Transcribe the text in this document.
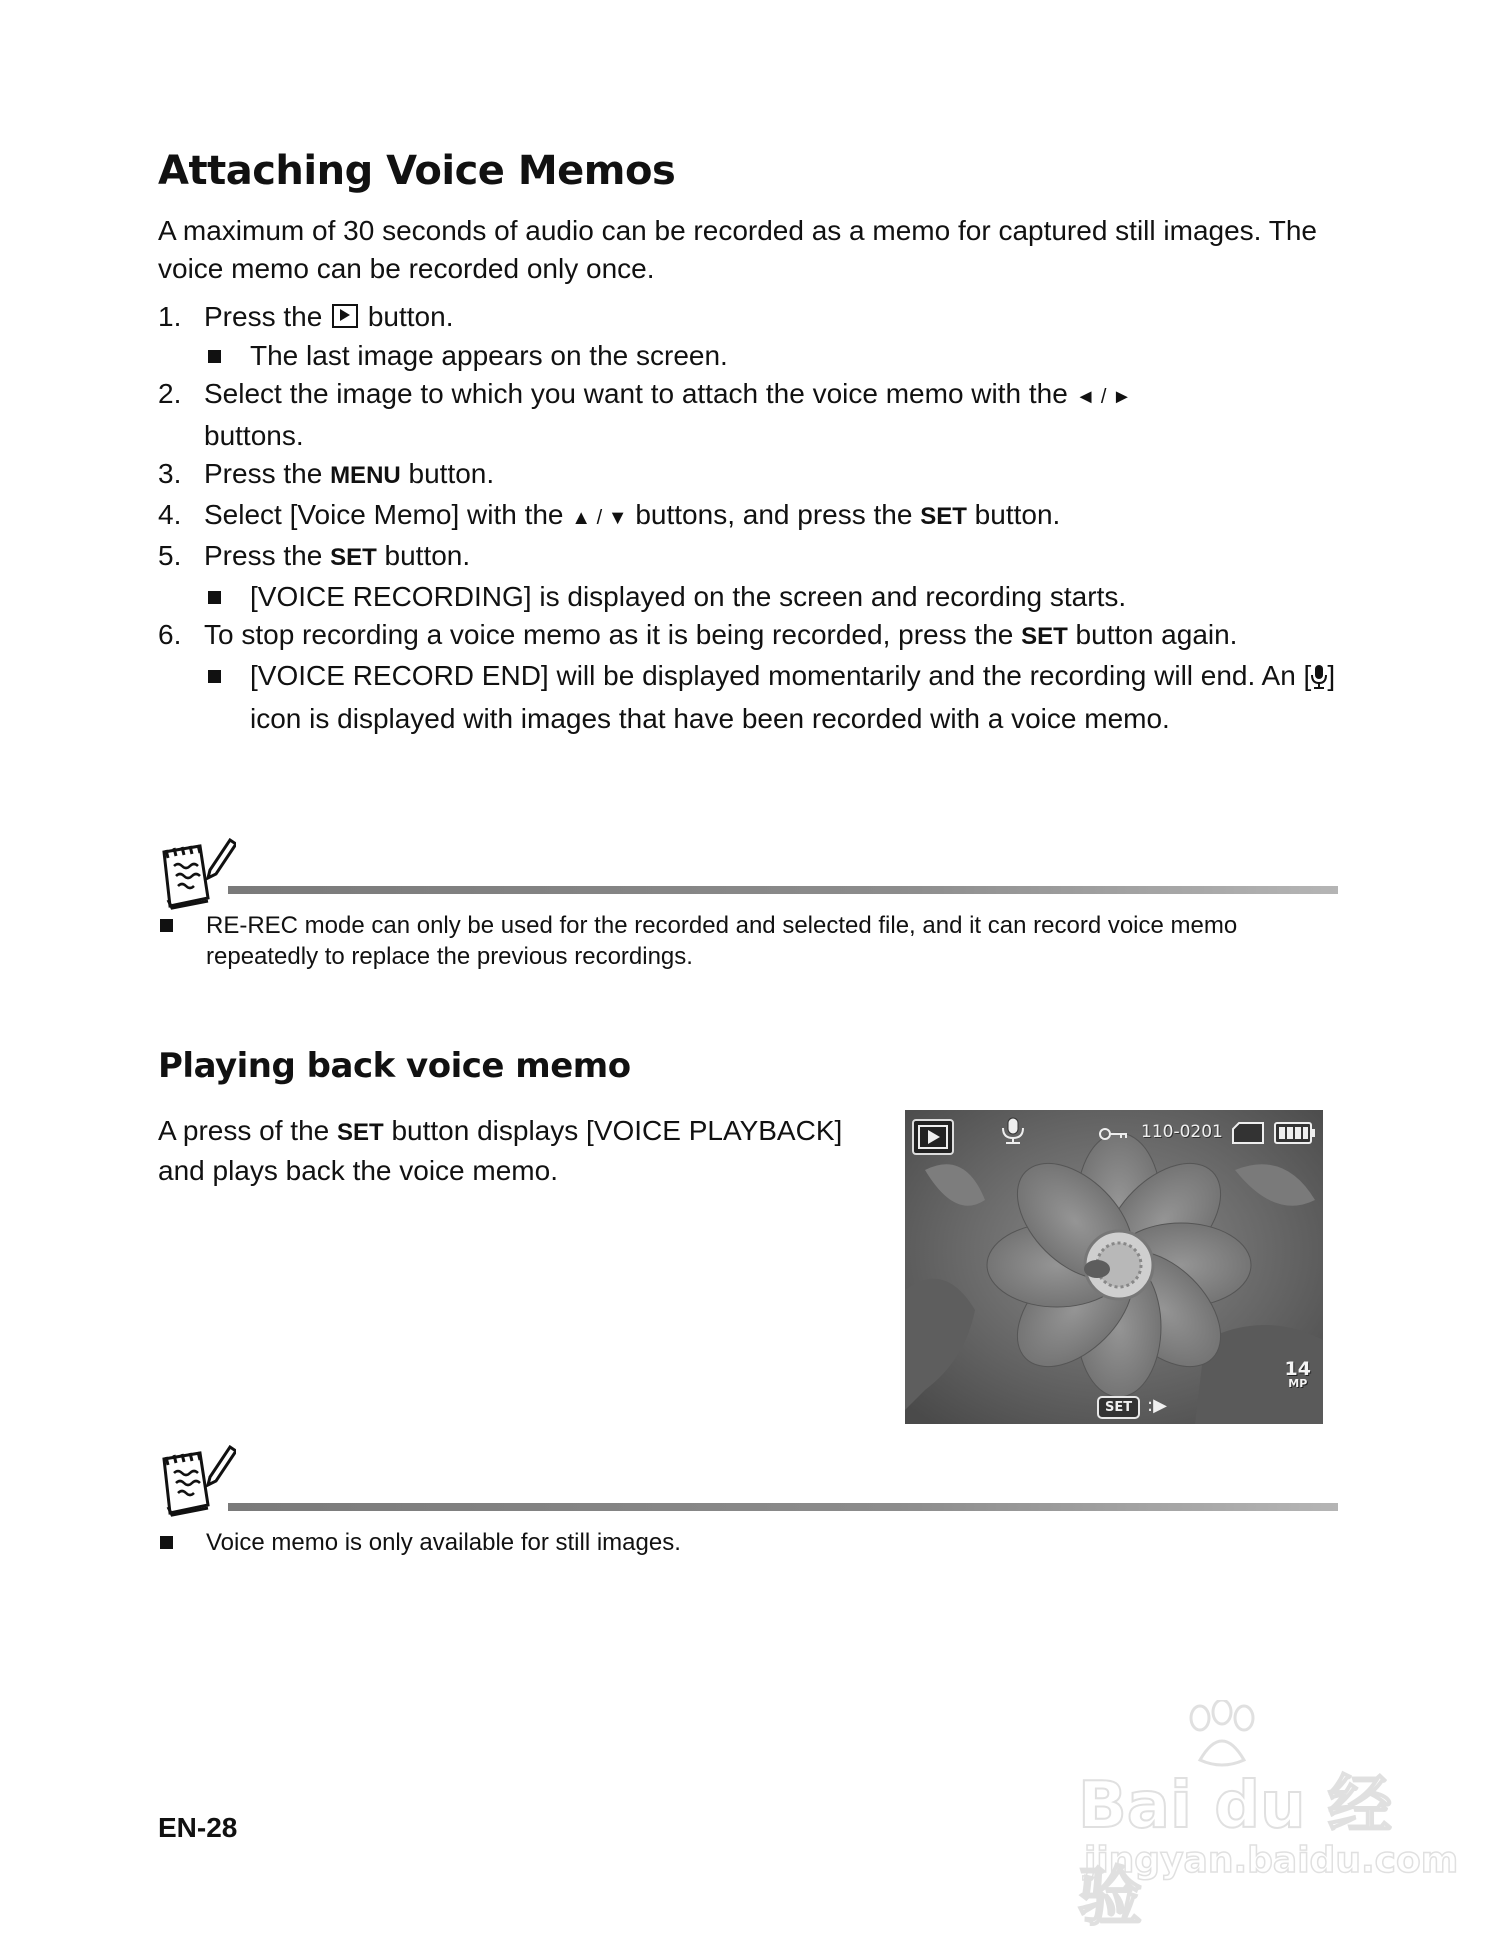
Attaching Voice Memos
A maximum of 30 seconds of audio can be recorded as a memo for captured still images. The voice memo can be recorded only once.
1. Press the button.
The last image appears on the screen.
2. Select the image to which you want to attach the voice memo with the ◄ / ►
buttons.
3. Press the MENU button.
4. Select [Voice Memo] with the ▲ / ▼ buttons, and press the SET button.
5. Press the SET button.
[VOICE RECORDING] is displayed on the screen and recording starts.
6. To stop recording a voice memo as it is being recorded, press the SET button again.
[VOICE RECORD END] will be displayed momentarily and the recording will end. An [ ] icon is displayed with images that have been recorded with a voice memo.
RE-REC mode can only be used for the recorded and selected file, and it can record voice memo repeatedly to replace the previous recordings.
Playing back voice memo
A press of the SET button displays [VOICE PLAYBACK] and plays back the voice memo.
110-0201
14
MP
SET :▶
Voice memo is only available for still images.
EN-28	Bai du 经验
jingyan.baidu.com
